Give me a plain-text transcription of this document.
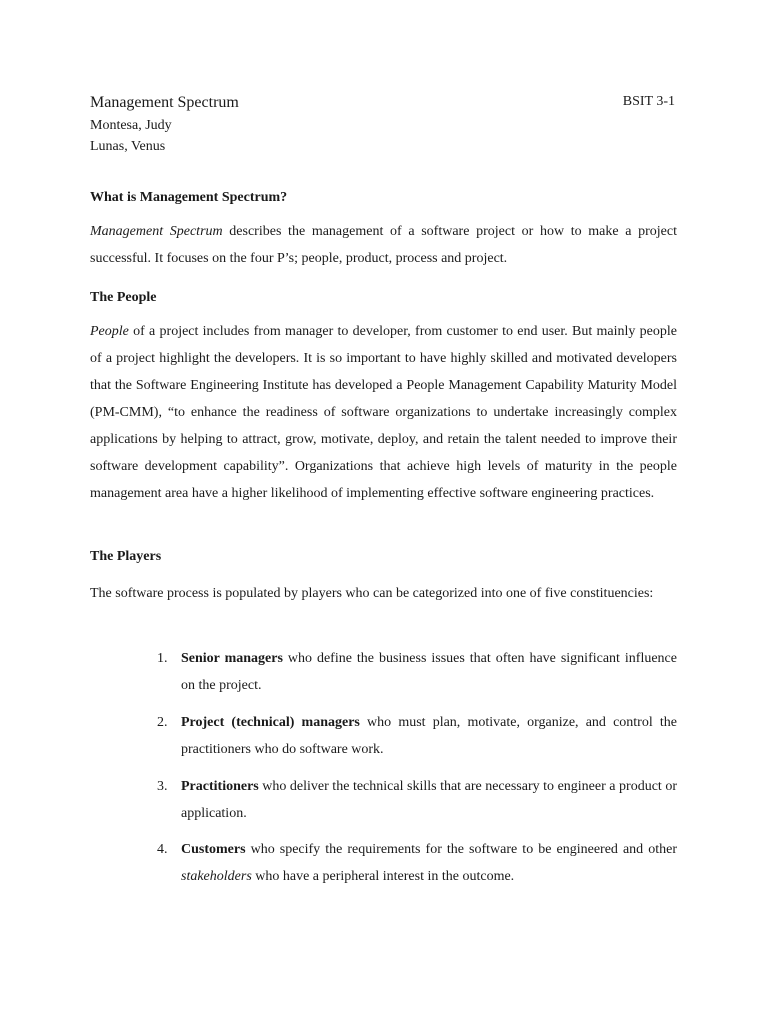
Management Spectrum	BSIT 3-1
Montesa, Judy
Lunas, Venus
What is Management Spectrum?

Management Spectrum describes the management of a software project or how to make a project successful. It focuses on the four P’s; people, product, process and project.

The People

People of a project includes from manager to developer, from customer to end user. But mainly people of a project highlight the developers. It is so important to have highly skilled and motivated developers that the Software Engineering Institute has developed a People Management Capability Maturity Model (PM-CMM), “to enhance the readiness of software organizations to undertake increasingly complex applications by helping to attract, grow, motivate, deploy, and retain the talent needed to improve their software development capability”. Organizations that achieve high levels of maturity in the people management area have a higher likelihood of implementing effective software engineering practices.

The Players

The software process is populated by players who can be categorized into one of five constituencies:

1. Senior managers who define the business issues that often have significant influence on the project.
2. Project (technical) managers who must plan, motivate, organize, and control the practitioners who do software work.
3. Practitioners who deliver the technical skills that are necessary to engineer a product or application.
4. Customers who specify the requirements for the software to be engineered and other stakeholders who have a peripheral interest in the outcome.
